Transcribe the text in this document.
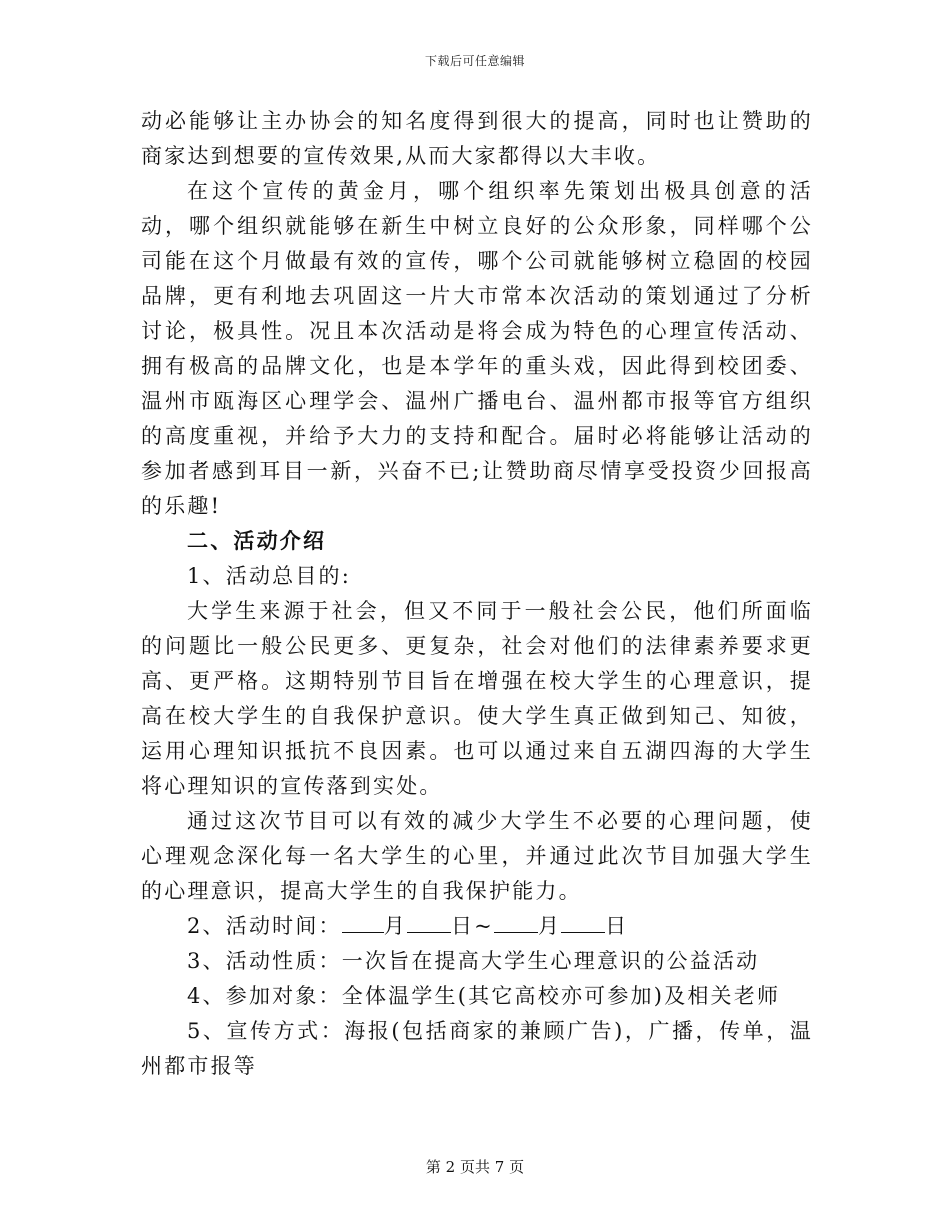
下载后可任意编辑

动必能够让主办协会的知名度得到很大的提高，同时也让赞助的商家达到想要的宣传效果,从而大家都得以大丰收。

在这个宣传的黄金月，哪个组织率先策划出极具创意的活动，哪个组织就能够在新生中树立良好的公众形象，同样哪个公司能在这个月做最有效的宣传，哪个公司就能够树立稳固的校园品牌，更有利地去巩固这一片大市常本次活动的策划通过了分析讨论，极具性。况且本次活动是将会成为特色的心理宣传活动、拥有极高的品牌文化，也是本学年的重头戏，因此得到校团委、温州市瓯海区心理学会、温州广播电台、温州都市报等官方组织的高度重视，并给予大力的支持和配合。届时必将能够让活动的参加者感到耳目一新，兴奋不已;让赞助商尽情享受投资少回报高的乐趣!

二、活动介绍

1、活动总目的:

大学生来源于社会，但又不同于一般社会公民，他们所面临的问题比一般公民更多、更复杂，社会对他们的法律素养要求更高、更严格。这期特别节目旨在增强在校大学生的心理意识，提高在校大学生的自我保护意识。使大学生真正做到知己、知彼，运用心理知识抵抗不良因素。也可以通过来自五湖四海的大学生将心理知识的宣传落到实处。

通过这次节目可以有效的减少大学生不必要的心理问题，使心理观念深化每一名大学生的心里，并通过此次节目加强大学生的心理意识，提高大学生的自我保护能力。

2、活动时间： 月 日~ 月 日

3、活动性质：一次旨在提高大学生心理意识的公益活动

4、参加对象：全体温学生(其它高校亦可参加)及相关老师

5、宣传方式：海报(包括商家的兼顾广告)，广播，传单，温州都市报等

第 2 页共 7 页
